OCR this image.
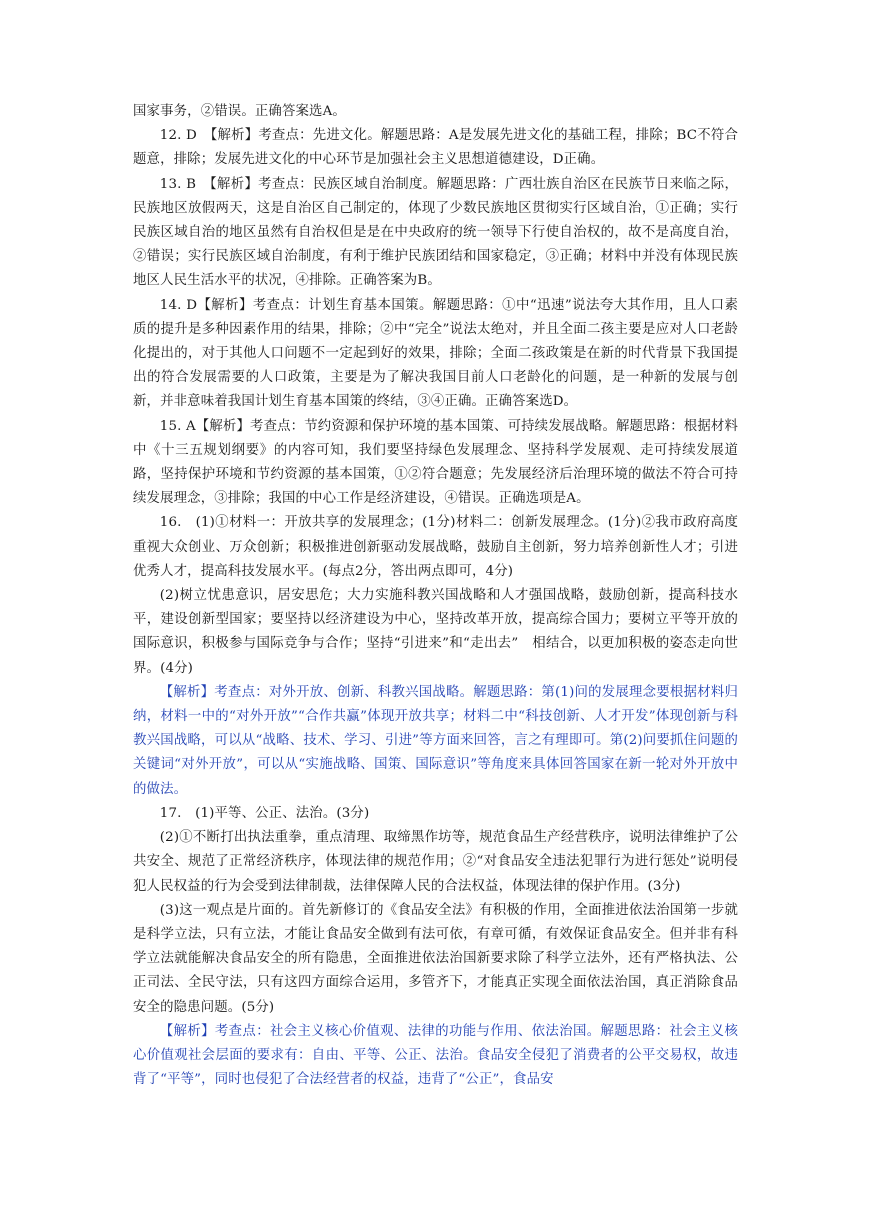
国家事务，②错误。正确答案选A。

12. D　【解析】考查点：先进文化。解题思路：A是发展先进文化的基础工程，排除；BC不符合题意，排除；发展先进文化的中心环节是加强社会主义思想道德建设，D正确。

13. B　【解析】考查点：民族区域自治制度。解题思路：广西壮族自治区在民族节日来临之际，民族地区放假两天，这是自治区自己制定的，体现了少数民族地区贯彻实行区域自治，①正确；实行民族区域自治的地区虽然有自治权但是是在中央政府的统一领导下行使自治权的，故不是高度自治，②错误；实行民族区域自治制度，有利于维护民族团结和国家稳定，③正确；材料中并没有体现民族地区人民生活水平的状况，④排除。正确答案为B。

14. D【解析】考查点：计划生育基本国策。解题思路：①中“迅速”说法夸大其作用，且人口素质的提升是多种因素作用的结果，排除；②中“完全”说法太绝对，并且全面二孩主要是应对人口老龄化提出的，对于其他人口问题不一定起到好的效果，排除；全面二孩政策是在新的时代背景下我国提出的符合发展需要的人口政策，主要是为了解决我国目前人口老龄化的问题，是一种新的发展与创新，并非意味着我国计划生育基本国策的终结，③④正确。正确答案选D。

15. A【解析】考查点：节约资源和保护环境的基本国策、可持续发展战略。解题思路：根据材料中《十三五规划纲要》的内容可知，我们要坚持绿色发展理念、坚持科学发展观、走可持续发展道路，坚持保护环境和节约资源的基本国策，①②符合题意；先发展经济后治理环境的做法不符合可持续发展理念，③排除；我国的中心工作是经济建设，④错误。正确选项是A。

16.　(1)①材料一：开放共享的发展理念；(1分)材料二：创新发展理念。(1分)②我市政府高度重视大众创业、万众创新；积极推进创新驱动发展战略，鼓励自主创新，努力培养创新性人才；引进优秀人才，提高科技发展水平。(每点2分，答出两点即可，4分)

(2)树立忧患意识，居安思危；大力实施科教兴国战略和人才强国战略，鼓励创新，提高科技水平，建设创新型国家；要坚持以经济建设为中心，坚持改革开放，提高综合国力；要树立平等开放的国际意识，积极参与国际竞争与合作；坚持“引进来”和“走出去”　相结合，以更加积极的姿态走向世界。(4分)

【解析】考查点：对外开放、创新、科教兴国战略。解题思路：第(1)问的发展理念要根据材料归纳，材料一中的“对外开放”“合作共赢”体现开放共享；材料二中“科技创新、人才开发”体现创新与科教兴国战略，可以从“战略、技术、学习、引进”等方面来回答，言之有理即可。第(2)问要抓住问题的关键词“对外开放”，可以从“实施战略、国策、国际意识”等角度来具体回答国家在新一轮对外开放中的做法。

17.　(1)平等、公正、法治。(3分)

(2)①不断打出执法重拳，重点清理、取缔黑作坊等，规范食品生产经营秩序，说明法律维护了公共安全、规范了正常经济秩序，体现法律的规范作用；②“对食品安全违法犯罪行为进行惩处”说明侵犯人民权益的行为会受到法律制裁，法律保障人民的合法权益，体现法律的保护作用。(3分)

(3)这一观点是片面的。首先新修订的《食品安全法》有积极的作用，全面推进依法治国第一步就是科学立法，只有立法，才能让食品安全做到有法可依，有章可循，有效保证食品安全。但并非有科学立法就能解决食品安全的所有隐患，全面推进依法治国新要求除了科学立法外，还有严格执法、公正司法、全民守法，只有这四方面综合运用，多管齐下，才能真正实现全面依法治国，真正消除食品安全的隐患问题。(5分)

【解析】考查点：社会主义核心价值观、法律的功能与作用、依法治国。解题思路：社会主义核心价值观社会层面的要求有：自由、平等、公正、法治。食品安全侵犯了消费者的公平交易权，故违背了“平等”，同时也侵犯了合法经营者的权益，违背了“公正”，食品安
